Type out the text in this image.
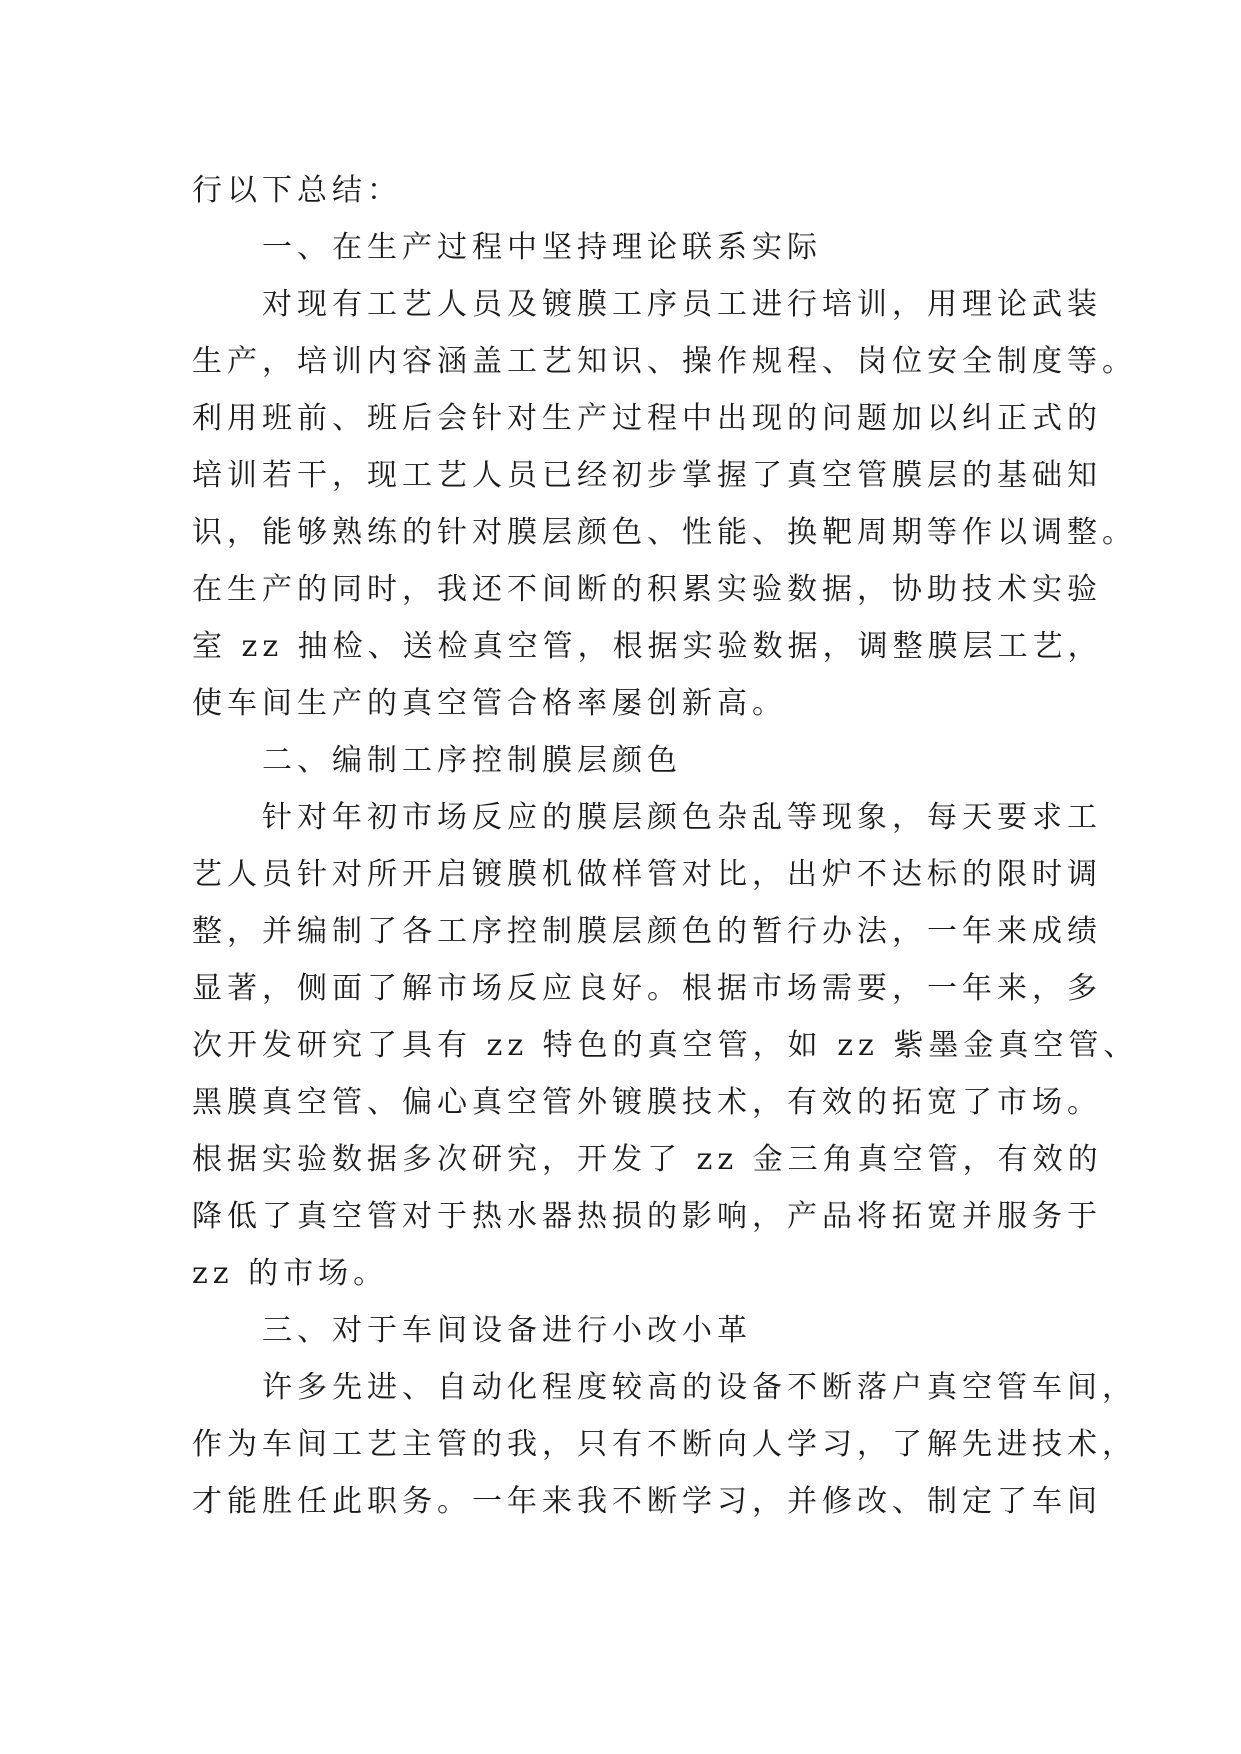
行以下总结：
一、在生产过程中坚持理论联系实际
对现有工艺人员及镀膜工序员工进行培训，用理论武装
生产，培训内容涵盖工艺知识、操作规程、岗位安全制度等。
利用班前、班后会针对生产过程中出现的问题加以纠正式的
培训若干，现工艺人员已经初步掌握了真空管膜层的基础知
识，能够熟练的针对膜层颜色、性能、换靶周期等作以调整。
在生产的同时，我还不间断的积累实验数据，协助技术实验
室 zz 抽检、送检真空管，根据实验数据，调整膜层工艺，
使车间生产的真空管合格率屡创新高。
二、编制工序控制膜层颜色
针对年初市场反应的膜层颜色杂乱等现象，每天要求工
艺人员针对所开启镀膜机做样管对比，出炉不达标的限时调
整，并编制了各工序控制膜层颜色的暂行办法，一年来成绩
显著，侧面了解市场反应良好。根据市场需要，一年来，多
次开发研究了具有 zz 特色的真空管，如 zz 紫墨金真空管、
黑膜真空管、偏心真空管外镀膜技术，有效的拓宽了市场。
根据实验数据多次研究，开发了 zz 金三角真空管，有效的
降低了真空管对于热水器热损的影响，产品将拓宽并服务于
zz 的市场。
三、对于车间设备进行小改小革
许多先进、自动化程度较高的设备不断落户真空管车间，
作为车间工艺主管的我，只有不断向人学习，了解先进技术，
才能胜任此职务。一年来我不断学习，并修改、制定了车间
